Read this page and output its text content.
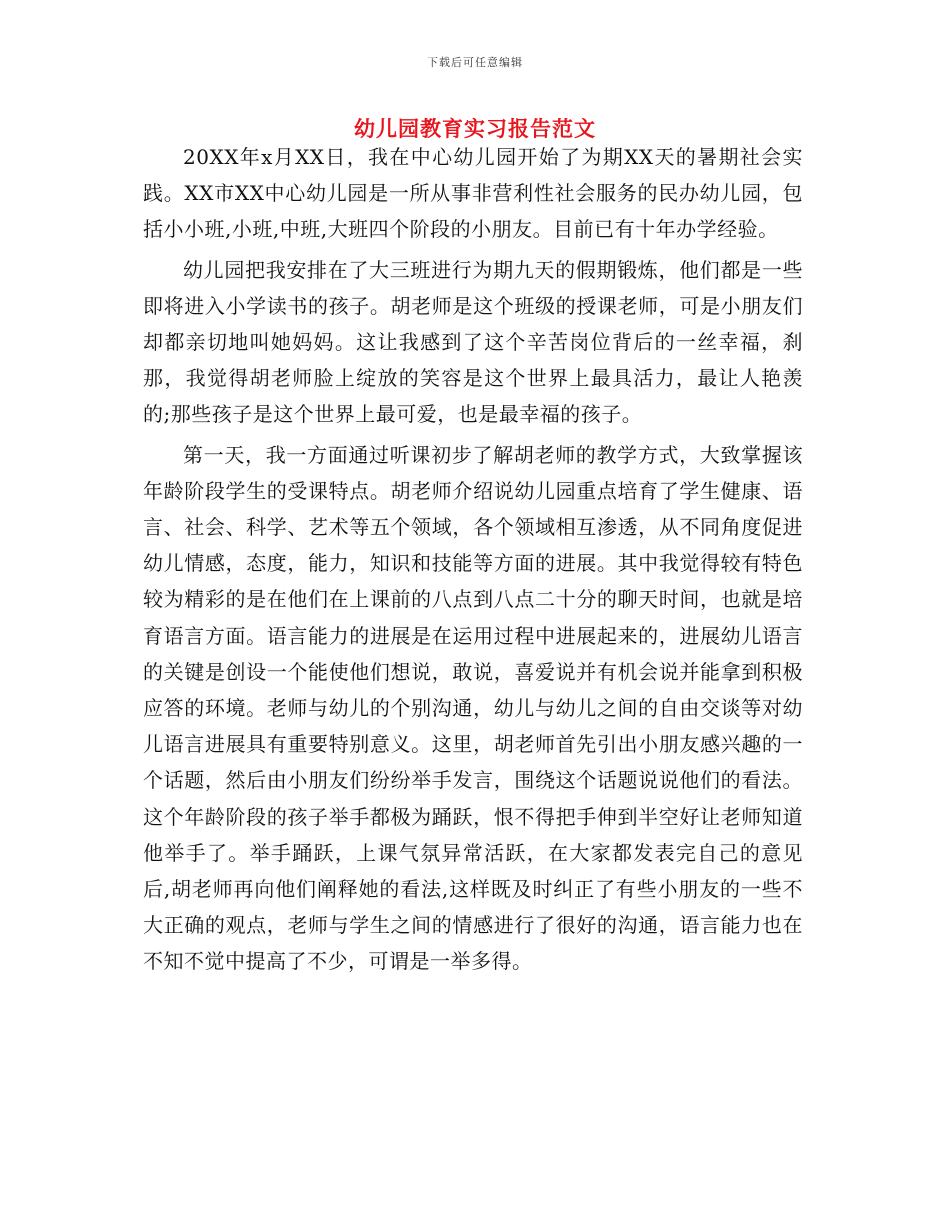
下载后可任意编辑
幼儿园教育实习报告范文

20XX年x月XX日，我在中心幼儿园开始了为期XX天的暑期社会实践。XX市XX中心幼儿园是一所从事非营利性社会服务的民办幼儿园，包括小小班,小班,中班,大班四个阶段的小朋友。目前已有十年办学经验。

幼儿园把我安排在了大三班进行为期九天的假期锻炼，他们都是一些即将进入小学读书的孩子。胡老师是这个班级的授课老师，可是小朋友们却都亲切地叫她妈妈。这让我感到了这个辛苦岗位背后的一丝幸福，刹那，我觉得胡老师脸上绽放的笑容是这个世界上最具活力，最让人艳羡的;那些孩子是这个世界上最可爱，也是最幸福的孩子。

第一天，我一方面通过听课初步了解胡老师的教学方式，大致掌握该年龄阶段学生的受课特点。胡老师介绍说幼儿园重点培育了学生健康、语言、社会、科学、艺术等五个领域，各个领域相互渗透，从不同角度促进幼儿情感，态度，能力，知识和技能等方面的进展。其中我觉得较有特色较为精彩的是在他们在上课前的八点到八点二十分的聊天时间，也就是培育语言方面。语言能力的进展是在运用过程中进展起来的，进展幼儿语言的关键是创设一个能使他们想说，敢说，喜爱说并有机会说并能拿到积极应答的环境。老师与幼儿的个别沟通，幼儿与幼儿之间的自由交谈等对幼儿语言进展具有重要特别意义。这里，胡老师首先引出小朋友感兴趣的一个话题，然后由小朋友们纷纷举手发言，围绕这个话题说说他们的看法。这个年龄阶段的孩子举手都极为踊跃，恨不得把手伸到半空好让老师知道他举手了。举手踊跃，上课气氛异常活跃，在大家都发表完自己的意见后,胡老师再向他们阐释她的看法,这样既及时纠正了有些小朋友的一些不大正确的观点，老师与学生之间的情感进行了很好的沟通，语言能力也在不知不觉中提高了不少，可谓是一举多得。
